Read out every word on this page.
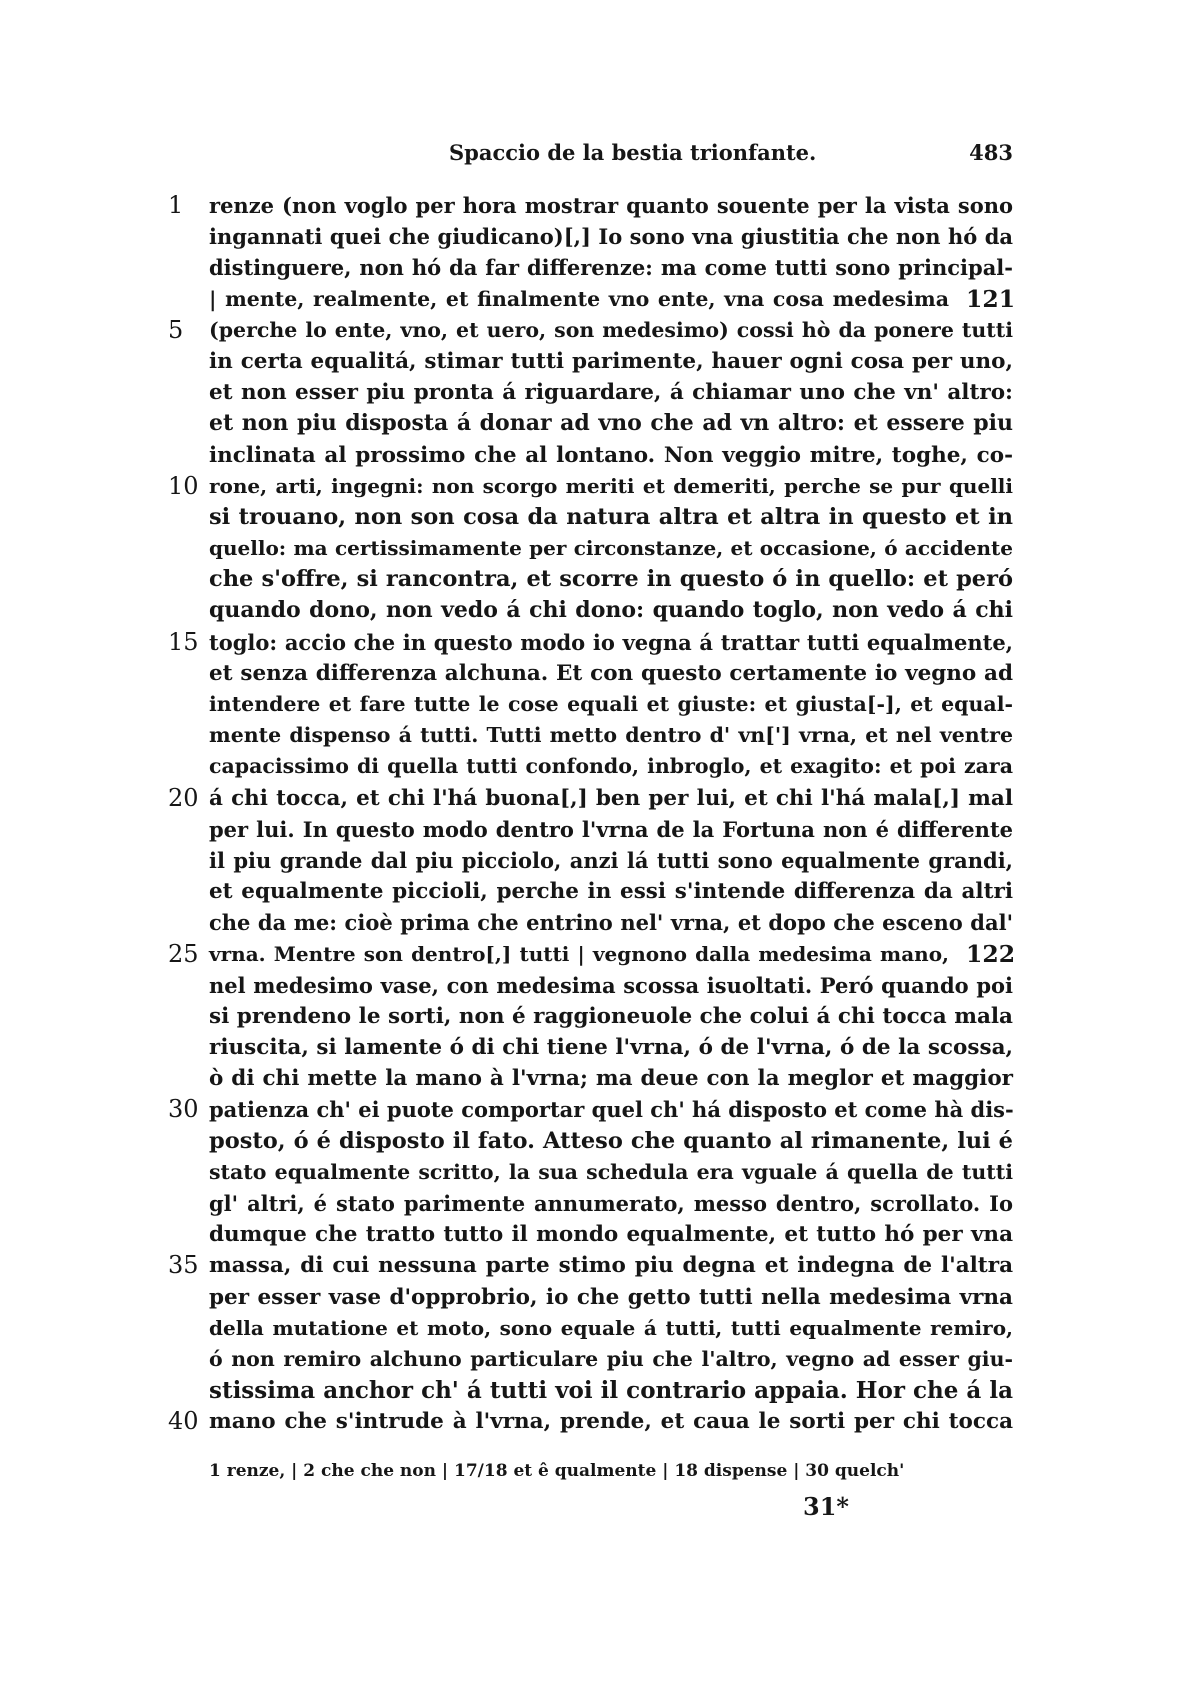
Spaccio de la bestia trionfante.	483
1	renze (non voglo per hora mostrar quanto souente per la vista sono
ingannati quei che giudicano)[,] Io sono vna giustitia che non hó da
distinguere, non hó da far differenze: ma come tutti sono principal-
| mente, realmente, et finalmente vno ente, vna cosa medesima 121
5	(perche lo ente, vno, et uero, son medesimo) cossi hò da ponere tutti
in certa equalitá, stimar tutti parimente, hauer ogni cosa per uno,
et non esser piu pronta á riguardare, á chiamar uno che vn' altro:
et non piu disposta á donar ad vno che ad vn altro: et essere piu
inclinata al prossimo che al lontano. Non veggio mitre, toghe, co-
10 rone, arti, ingegni: non scorgo meriti et demeriti, perche se pur quelli
si trouano, non son cosa da natura altra et altra in questo et in
quello: ma certissimamente per circonstanze, et occasione, ó accidente
che s'offre, si rancontra, et scorre in questo ó in quello: et peró
quando dono, non vedo á chi dono: quando toglo, non vedo á chi
15 toglo: accio che in questo modo io vegna á trattar tutti equalmente,
et senza differenza alchuna. Et con questo certamente io vegno ad
intendere et fare tutte le cose equali et giuste: et giusta[-], et equal-
mente dispenso á tutti. Tutti metto dentro d' vn['] vrna, et nel ventre
capacissimo di quella tutti confondo, inbroglo, et exagito: et poi zara
20 á chi tocca, et chi l'há buona[,] ben per lui, et chi l'há mala[,] mal
per lui. In questo modo dentro l'vrna de la Fortuna non é differente
il piu grande dal piu picciolo, anzi lá tutti sono equalmente grandi,
et equalmente piccioli, perche in essi s'intende differenza da altri
che da me: cioè prima che entrino nel' vrna, et dopo che esceno dal'
25 vrna. Mentre son dentro[,] tutti | vegnono dalla medesima mano, 122
nel medesimo vase, con medesima scossa isuoltati. Peró quando poi
si prendeno le sorti, non é raggioneuole che colui á chi tocca mala
riuscita, si lamente ó di chi tiene l'vrna, ó de l'vrna, ó de la scossa,
ò di chi mette la mano à l'vrna; ma deue con la meglor et maggior
30 patienza ch' ei puote comportar quel ch' há disposto et come hà dis-
posto, ó é disposto il fato. Atteso che quanto al rimanente, lui é
stato equalmente scritto, la sua schedula era vguale á quella de tutti
gl' altri, é stato parimente annumerato, messo dentro, scrollato. Io
dumque che tratto tutto il mondo equalmente, et tutto hó per vna
35 massa, di cui nessuna parte stimo piu degna et indegna de l'altra
per esser vase d'opprobrio, io che getto tutti nella medesima vrna
della mutatione et moto, sono equale á tutti, tutti equalmente remiro,
ó non remiro alchuno particulare piu che l'altro, vegno ad esser giu-
stissima anchor ch' á tutti voi il contrario appaia. Hor che á la
40 mano che s'intrude à l'vrna, prende, et caua le sorti per chi tocca
1 renze, | 2 che che non | 17/18 et ê qualmente | 18 dispense | 30 quelch'
31*
